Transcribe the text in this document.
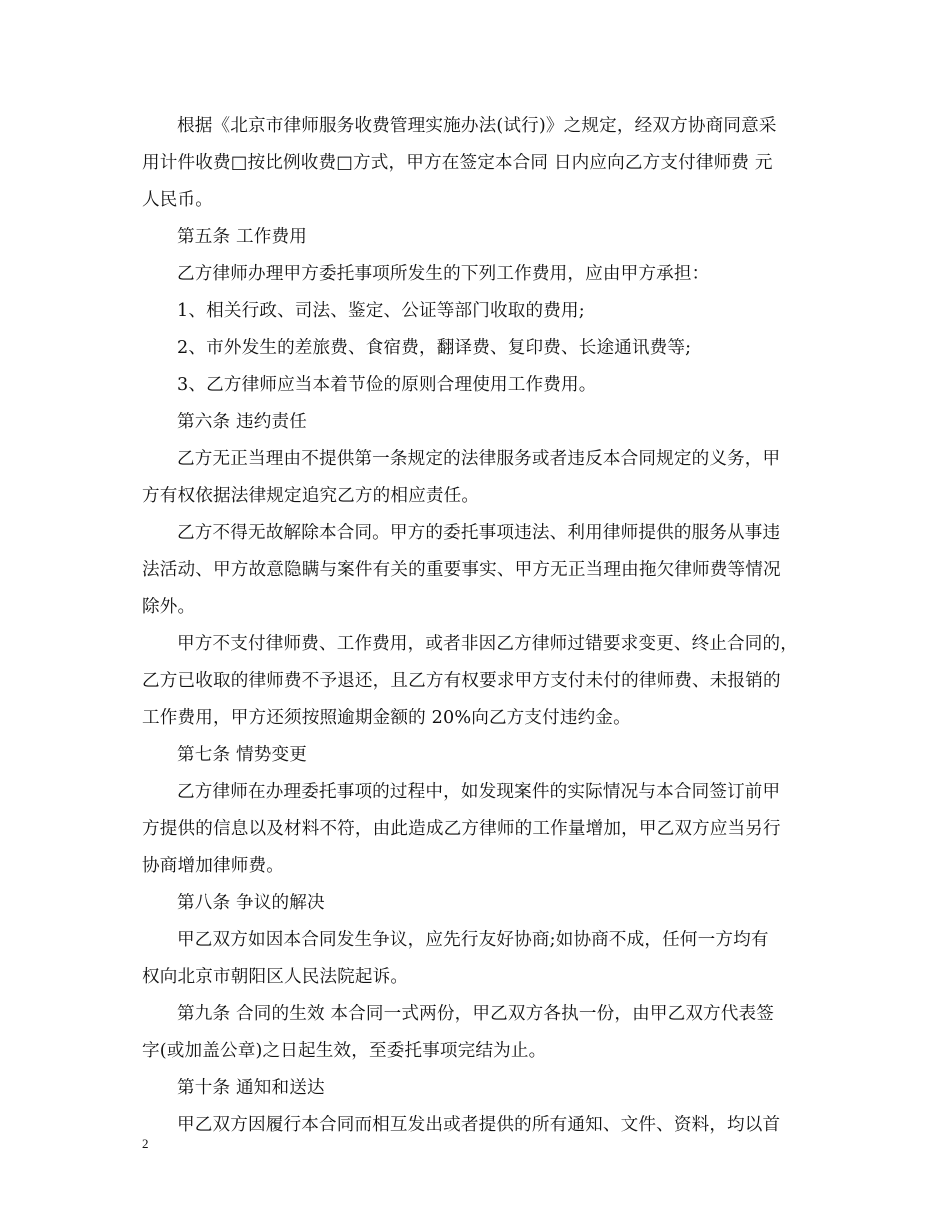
根据《北京市律师服务收费管理实施办法(试行)》之规定，经双方协商同意采
用计件收费□按比例收费□方式，甲方在签定本合同 日内应向乙方支付律师费 元
人民币。
第五条 工作费用
乙方律师办理甲方委托事项所发生的下列工作费用，应由甲方承担：
1、相关行政、司法、鉴定、公证等部门收取的费用;
2、市外发生的差旅费、食宿费，翻译费、复印费、长途通讯费等;
3、乙方律师应当本着节俭的原则合理使用工作费用。
第六条 违约责任
乙方无正当理由不提供第一条规定的法律服务或者违反本合同规定的义务，甲
方有权依据法律规定追究乙方的相应责任。
乙方不得无故解除本合同。甲方的委托事项违法、利用律师提供的服务从事违
法活动、甲方故意隐瞒与案件有关的重要事实、甲方无正当理由拖欠律师费等情况
除外。
甲方不支付律师费、工作费用，或者非因乙方律师过错要求变更、终止合同的，
乙方已收取的律师费不予退还，且乙方有权要求甲方支付未付的律师费、未报销的
工作费用，甲方还须按照逾期金额的 20%向乙方支付违约金。
第七条 情势变更
乙方律师在办理委托事项的过程中，如发现案件的实际情况与本合同签订前甲
方提供的信息以及材料不符，由此造成乙方律师的工作量增加，甲乙双方应当另行
协商增加律师费。
第八条 争议的解决
甲乙双方如因本合同发生争议，应先行友好协商;如协商不成，任何一方均有
权向北京市朝阳区人民法院起诉。
第九条 合同的生效 本合同一式两份，甲乙双方各执一份，由甲乙双方代表签
字(或加盖公章)之日起生效，至委托事项完结为止。
第十条 通知和送达
甲乙双方因履行本合同而相互发出或者提供的所有通知、文件、资料，均以首
2
